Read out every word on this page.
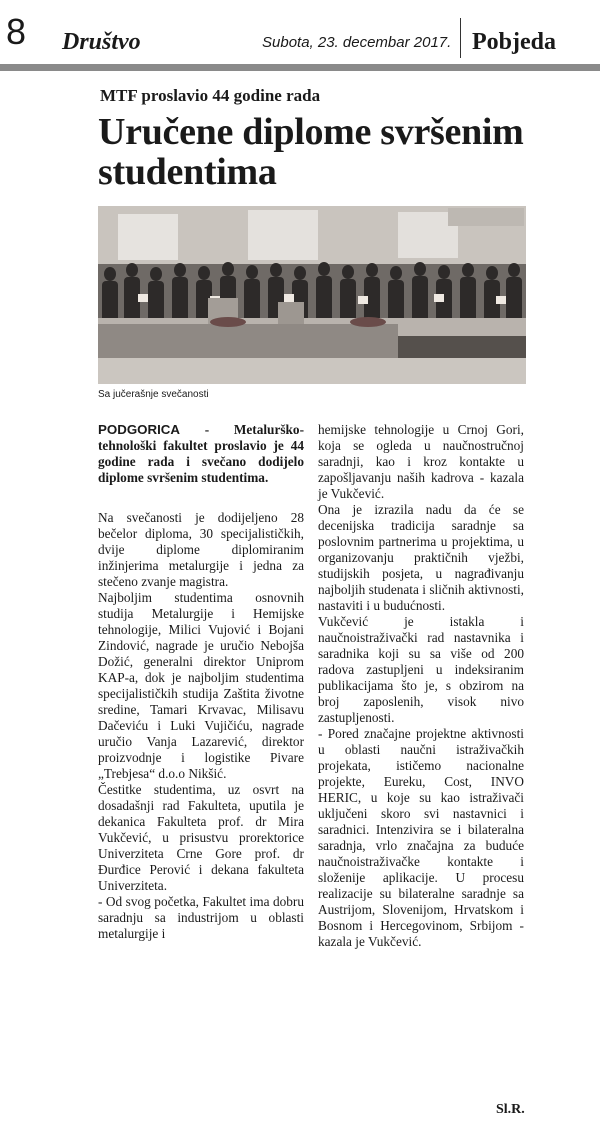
8 Društvo	Subota, 23. decembar 2017. Pobjeda
MTF proslavio 44 godine rada
Uručene diplome svršenim studentima
Sa jučerašnje svečanosti

PODGORICA - Metalurško-tehnološki fakultet proslavio je 44 godine rada i svečano dodijelo diplome svršenim studentima.

Na svečanosti je dodijeljeno 28 bečelor diploma, 30 specijalističkih, dvije diplome diplomiranim inžinjerima metalurgije i jedna za stečeno zvanje magistra.

Najboljim studentima osnovnih studija Metalurgije i Hemijske tehnologije, Milici Vujović i Bojani Zindović, nagrade je uručio Nebojša Dožić, generalni direktor Uniprom KAP-a, dok je najboljim studentima specijalističkih studija Zaštita životne sredine, Tamari Krvavac, Milisavu Dačeviću i Luki Vujičiću, nagrade uručio Vanja Lazarević, direktor proizvodnje i logistike Pivare „Trebjesa“ d.o.o Nikšić.

Čestitke studentima, uz osvrt na dosadašnji rad Fakulteta, uputila je dekanica Fakulteta prof. dr Mira Vukčević, u prisustvu prorektorice Univerziteta Crne Gore prof. dr Đurđice Perović i dekana fakulteta Univerziteta.

- Od svog početka, Fakultet ima dobru saradnju sa industrijom u oblasti metalurgije i

hemijske tehnologije u Crnoj Gori, koja se ogleda u naučnostručnoj saradnji, kao i kroz kontakte u zapošljavanju naših kadrova - kazala je Vukčević.

Ona je izrazila nadu da će se decenijska tradicija saradnje sa poslovnim partnerima u projektima, u organizovanju praktičnih vježbi, studijskih posjeta, u nagrađivanju najboljih studenata i sličnih aktivnosti, nastaviti i u budućnosti.

Vukčević je istakla i naučnoistraživački rad nastavnika i saradnika koji su sa više od 200 radova zastupljeni u indeksiranim publikacijama što je, s obzirom na broj zaposlenih, visok nivo zastupljenosti.

- Pored značajne projektne aktivnosti u oblasti naučni istraživačkih projekata, ističemo nacionalne projekte, Eureku, Cost, INVO HERIC, u koje su kao istraživači uključeni skoro svi nastavnici i saradnici. Intenzivira se i bilateralna saradnja, vrlo značajna za buduće naučnoistraživačke kontakte i složenije aplikacije. U procesu realizacije su bilateralne saradnje sa Austrijom, Slovenijom, Hrvatskom i Bosnom i Hercegovinom, Srbijom - kazala je Vukčević.

Sl.R.
